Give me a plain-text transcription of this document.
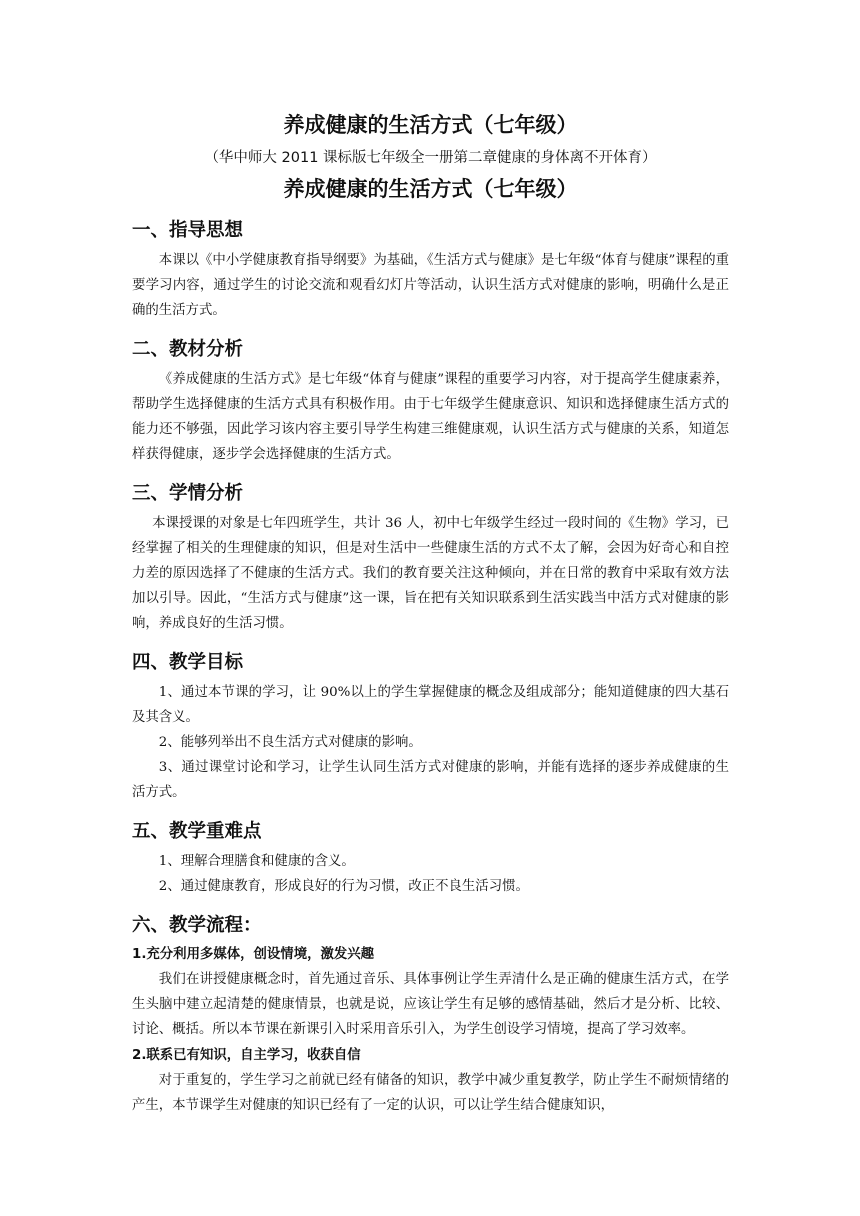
养成健康的生活方式（七年级）

（华中师大 2011 课标版七年级全一册第二章健康的身体离不开体育）

养成健康的生活方式（七年级）
一、指导思想

本课以《中小学健康教育指导纲要》为基础，《生活方式与健康》是七年级“体育与健康”课程的重要学习内容，通过学生的讨论交流和观看幻灯片等活动，认识生活方式对健康的影响，明确什么是正确的生活方式。

二、教材分析

《养成健康的生活方式》是七年级“体育与健康”课程的重要学习内容，对于提高学生健康素养，帮助学生选择健康的生活方式具有积极作用。由于七年级学生健康意识、知识和选择健康生活方式的能力还不够强，因此学习该内容主要引导学生构建三维健康观，认识生活方式与健康的关系，知道怎样获得健康，逐步学会选择健康的生活方式。

三、学情分析

本课授课的对象是七年四班学生，共计 36 人，初中七年级学生经过一段时间的《生物》学习，已经掌握了相关的生理健康的知识，但是对生活中一些健康生活的方式不太了解，会因为好奇心和自控力差的原因选择了不健康的生活方式。我们的教育要关注这种倾向，并在日常的教育中采取有效方法加以引导。因此，“生活方式与健康”这一课，旨在把有关知识联系到生活实践当中活方式对健康的影响，养成良好的生活习惯。

四、教学目标

1、通过本节课的学习，让 90%以上的学生掌握健康的概念及组成部分；能知道健康的四大基石及其含义。

2、能够列举出不良生活方式对健康的影响。

3、通过课堂讨论和学习，让学生认同生活方式对健康的影响，并能有选择的逐步养成健康的生活方式。

五、教学重难点

1、理解合理膳食和健康的含义。

2、通过健康教育，形成良好的行为习惯，改正不良生活习惯。

六、教学流程：
1.充分利用多媒体，创设情境，激发兴趣

我们在讲授健康概念时，首先通过音乐、具体事例让学生弄清什么是正确的健康生活方式，在学生头脑中建立起清楚的健康情景，也就是说，应该让学生有足够的感情基础，然后才是分析、比较、讨论、概括。所以本节课在新课引入时采用音乐引入，为学生创设学习情境，提高了学习效率。

2.联系已有知识，自主学习，收获自信

对于重复的，学生学习之前就已经有储备的知识，教学中减少重复教学，防止学生不耐烦情绪的产生，本节课学生对健康的知识已经有了一定的认识，可以让学生结合健康知识，
